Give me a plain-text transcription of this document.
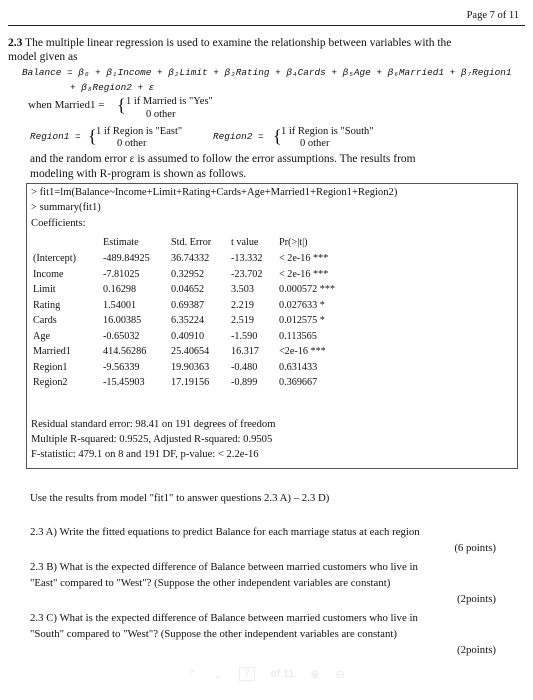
Page 7 of 11
2.3 The multiple linear regression is used to examine the relationship between variables with the
model given as
Balance = β₀ + β₁Income + β₂Limit + β₃Rating + β₄Cards + β₅Age + β₆Married1 + β₇Region1
+ β₈Region2 + ε
when Married1 = { 1 if Married is "Yes"
0 other
Region1 = { 1 if Region is "East"
0 other
Region2 = { 1 if Region is "South"
0 other
and the random error ε is assumed to follow the error assumptions. The results from
modeling with R-program is shown as follows.
> fit1=lm(Balance~Income+Limit+Rating+Cards+Age+Married1+Region1+Region2)
> summary(fit1)
Coefficients:
Estimate	Std. Error t value Pr(>|t|)
(Intercept)	-489.84925 36.74332 -13.332 < 2e-16 ***
Income	-7.81025	0.32952	-23.702 < 2e-16 ***
Limit	0.16298	0.04652	3.503 0.000572 ***
Rating	1.54001	0.69387	2.219 0.027633 *
Cards	16.00385	6.35224	2.519 0.012575 *
Age	-0.65032	0.40910	-1.590 0.113565
Married1	414.56286 25.40654 16.317 <2e-16 ***
Region1	-9.56339	19.90363 -0.480 0.631433
Region2	-15.45903	17.19156 -0.899 0.369667
Residual standard error: 98.41 on 191 degrees of freedom
Multiple R-squared: 0.9525, Adjusted R-squared: 0.9505
F-statistic: 479.1 on 8 and 191 DF, p-value: < 2.2e-16
Use the results from model "fit1" to answer questions 2.3 A) – 2.3 D)
2.3 A) Write the fitted equations to predict Balance for each marriage status at each region
(6 points)
2.3 B) What is the expected difference of Balance between married customers who live in
"East" compared to "West"? (Suppose the other independent variables are constant)
(2points)
2.3 C) What is the expected difference of Balance between married customers who live in
"South" compared to "West"? (Suppose the other independent variables are constant)
(2points)
⌃ ⌄	7	of 11 ⊕ ⊖
